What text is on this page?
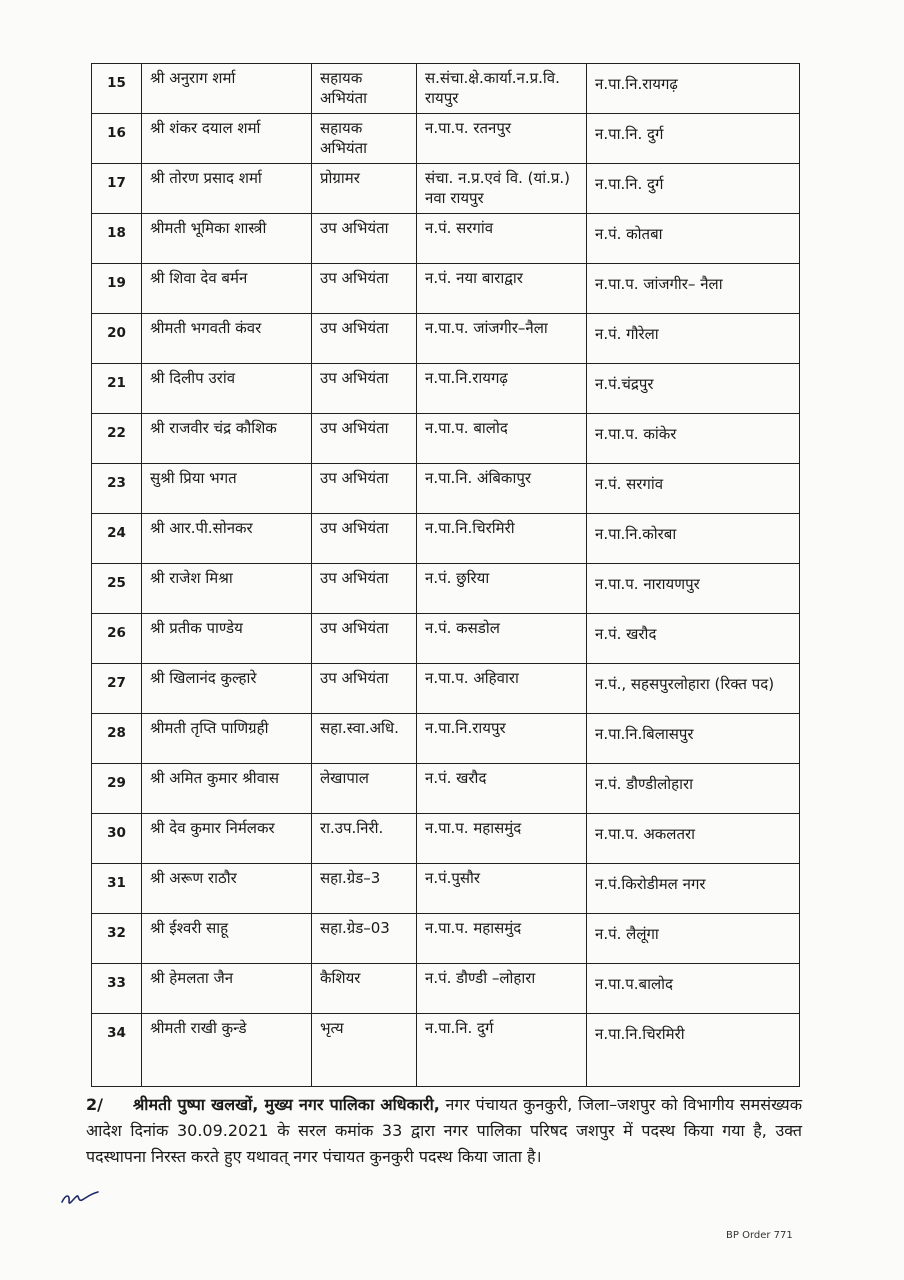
15	श्री अनुराग शर्मा	सहायक अभियंता	स.संचा.क्षे.कार्या.न.प्र.वि. रायपुर	न.पा.नि.रायगढ़
16	श्री शंकर दयाल शर्मा	सहायक अभियंता	न.पा.प. रतनपुर	न.पा.नि. दुर्ग
17	श्री तोरण प्रसाद शर्मा	प्रोग्रामर	संचा. न.प्र.एवं वि. (यां.प्र.) नवा रायपुर	न.पा.नि. दुर्ग
18	श्रीमती भूमिका शास्त्री	उप अभियंता	न.पं. सरगांव	न.पं. कोतबा
19	श्री शिवा देव बर्मन	उप अभियंता	न.पं. नया बाराद्वार	न.पा.प. जांजगीर– नैला
20	श्रीमती भगवती कंवर	उप अभियंता	न.पा.प. जांजगीर–नैला	न.पं. गौरेला
21	श्री दिलीप उरांव	उप अभियंता	न.पा.नि.रायगढ़	न.पं.चंद्रपुर
22	श्री राजवीर चंद्र कौशिक	उप अभियंता	न.पा.प. बालोद	न.पा.प. कांकेर
23	सुश्री प्रिया भगत	उप अभियंता	न.पा.नि. अंबिकापुर	न.पं. सरगांव
24	श्री आर.पी.सोनकर	उप अभियंता	न.पा.नि.चिरमिरी	न.पा.नि.कोरबा
25	श्री राजेश मिश्रा	उप अभियंता	न.पं. छुरिया	न.पा.प. नारायणपुर
26	श्री प्रतीक पाण्डेय	उप अभियंता	न.पं. कसडोल	न.पं. खरौद
27	श्री खिलानंद कुल्हारे	उप अभियंता	न.पा.प. अहिवारा	न.पं., सहसपुरलोहारा (रिक्त पद)
28	श्रीमती तृप्ति पाणिग्रही	सहा.स्वा.अधि.	न.पा.नि.रायपुर	न.पा.नि.बिलासपुर
29	श्री अमित कुमार श्रीवास	लेखापाल	न.पं. खरौद	न.पं. डौण्डीलोहारा
30	श्री देव कुमार निर्मलकर	रा.उप.निरी.	न.पा.प. महासमुंद	न.पा.प. अकलतरा
31	श्री अरूण राठौर	सहा.ग्रेड–3	न.पं.पुसौर	न.पं.किरोडीमल नगर
32	श्री ईश्वरी साहू	सहा.ग्रेड–03	न.पा.प. महासमुंद	न.पं. लैलूंगा
33	श्री हेमलता जैन	कैशियर	न.पं. डौण्डी –लोहारा	न.पा.प.बालोद
34	श्रीमती राखी कुन्डे	भृत्य	न.पा.नि. दुर्ग	न.पा.नि.चिरमिरी
2/ श्रीमती पुष्पा खलखों, मुख्य नगर पालिका अधिकारी, नगर पंचायत कुनकुरी, जिला–जशपुर को विभागीय समसंख्यक आदेश दिनांक 30.09.2021 के सरल कमांक 33 द्वारा नगर पालिका परिषद जशपुर में पदस्थ किया गया है, उक्त पदस्थापना निरस्त करते हुए यथावत् नगर पंचायत कुनकुरी पदस्थ किया जाता है।
BP Order 771
